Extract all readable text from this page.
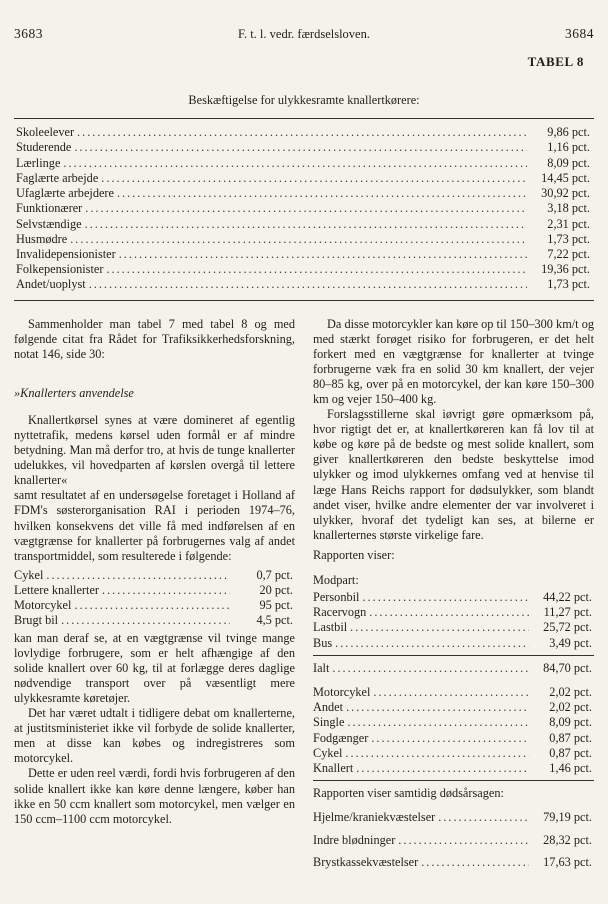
3683	F. t. l. vedr. færdselsloven.	3684
TABEL 8
Beskæftigelse for ulykkesramte knallertkørere:
Skoleelever .....	9,86 pct.
Studerende .....	1,16 pct.
Lærlinge .....	8,09 pct.
Faglærte arbejde .....	14,45 pct.
Ufaglærte arbejdere .....	30,92 pct.
Funktionærer .....	3,18 pct.
Selvstændige .....	2,31 pct.
Husmødre .....	1,73 pct.
Invalidepensionister .....	7,22 pct.
Folkepensionister .....	19,36 pct.
Andet/uoplyst .....	1,73 pct.

Sammenholder man tabel 7 med tabel 8 og med følgende citat fra Rådet for Trafiksikkerhedsforskning, notat 146, side 30:

»Knallerters anvendelse

Knallertkørsel synes at være domineret af egentlig nyttetrafik, medens kørsel uden formål er af mindre betydning. Man må derfor tro, at hvis de tunge knallerter udelukkes, vil hovedparten af kørslen overgå til lettere knallerter«

samt resultatet af en undersøgelse foretaget i Holland af FDM's søsterorganisation RAI i perioden 1974–76, hvilken konsekvens det ville få med indførelsen af en vægtgrænse for knallerter på forbrugernes valg af andet transportmiddel, som resulterede i følgende:

Cykel .....	0,7 pct.
Lettere knallerter .....	20 pct.
Motorcykel .....	95 pct.
Brugt bil .....	4,5 pct.

kan man deraf se, at en vægtgrænse vil tvinge mange lovlydige forbrugere, som er helt afhængige af den solide knallert over 60 kg, til at forlægge deres daglige nødvendige transport over på væsentligt mere ulykkesramte køretøjer.

Det har været udtalt i tidligere debat om knallerterne, at justitsministeriet ikke vil forbyde de solide knallerter, men at disse kan købes og indregistreres som motorcykel.

Dette er uden reel værdi, fordi hvis forbrugeren af den solide knallert ikke kan køre denne længere, køber han ikke en 50 ccm knallert som motorcykel, men vælger en 150 ccm–1100 ccm motorcykel.

Da disse motorcykler kan køre op til 150–300 km/t og med stærkt forøget risiko for forbrugeren, er det helt forkert med en vægtgrænse for knallerter at tvinge forbrugerne væk fra en solid 30 km knallert, der vejer 80–85 kg, over på en motorcykel, der kan køre 150–300 km og vejer 150–400 kg.

Forslagsstillerne skal iøvrigt gøre opmærksom på, hvor rigtigt det er, at knallertkøreren kan få lov til at købe og køre på de bedste og mest solide knallert, som giver knallertkøreren den bedste beskyttelse imod ulykker og imod ulykkernes omfang ved at henvise til læge Hans Reichs rapport for dødsulykker, som blandt andet viser, hvilke andre elementer der var involveret i ulykker, hvoraf det tydeligt kan ses, at bilerne er knallerternes største virkelige fare.

Rapporten viser:

Modpart:
Personbil .....	44,22 pct.
Racervogn .....	11,27 pct.
Lastbil .....	25,72 pct.
Bus .....	3,49 pct.
Ialt .....	84,70 pct.
Motorcykel .....	2,02 pct.
Andet .....	2,02 pct.
Single .....	8,09 pct.
Fodgænger .....	0,87 pct.
Cykel .....	0,87 pct.
Knallert .....	1,46 pct.

Rapporten viser samtidig dødsårsagen:

Hjelme/kraniekvæstelser .....	79,19 pct.
Indre blødninger .....	28,32 pct.
Brystkassekvæstelser .....	17,63 pct.
